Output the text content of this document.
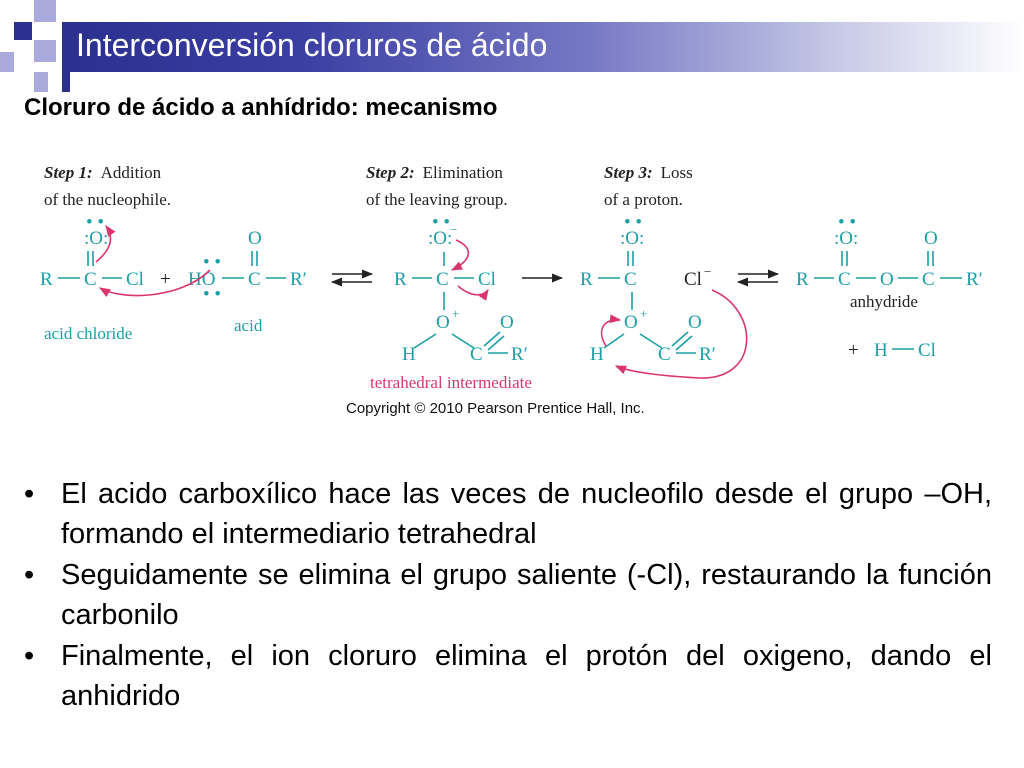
Interconversión cloruros de ácido
Cloruro de ácido a anhídrido: mecanismo
Step 1: Addition
of the nucleophile.
Step 2: Elimination
of the leaving group.
Step 3: Loss
of a proton.
:O:
• •
R C Cl
acid chloride
+ HO
• •
• •
C
O
R′
acid
:O:
• • −
R C Cl
O +
H	C
O
R′
tetrahedral intermediate
:O:
• •
R C
O +
H	C
O
R′
Cl −
:O:
• •
R C O C
O
R′
anhydride
+ H Cl
Copyright © 2010 Pearson Prentice Hall, Inc.
• El acido carboxílico hace las veces de nucleofilo desde el grupo –OH, formando el intermediario tetrahedral
• Seguidamente se elimina el grupo saliente (-Cl), restaurando la función carbonilo
• Finalmente, el ion cloruro elimina el protón del oxigeno, dando el anhidrido
